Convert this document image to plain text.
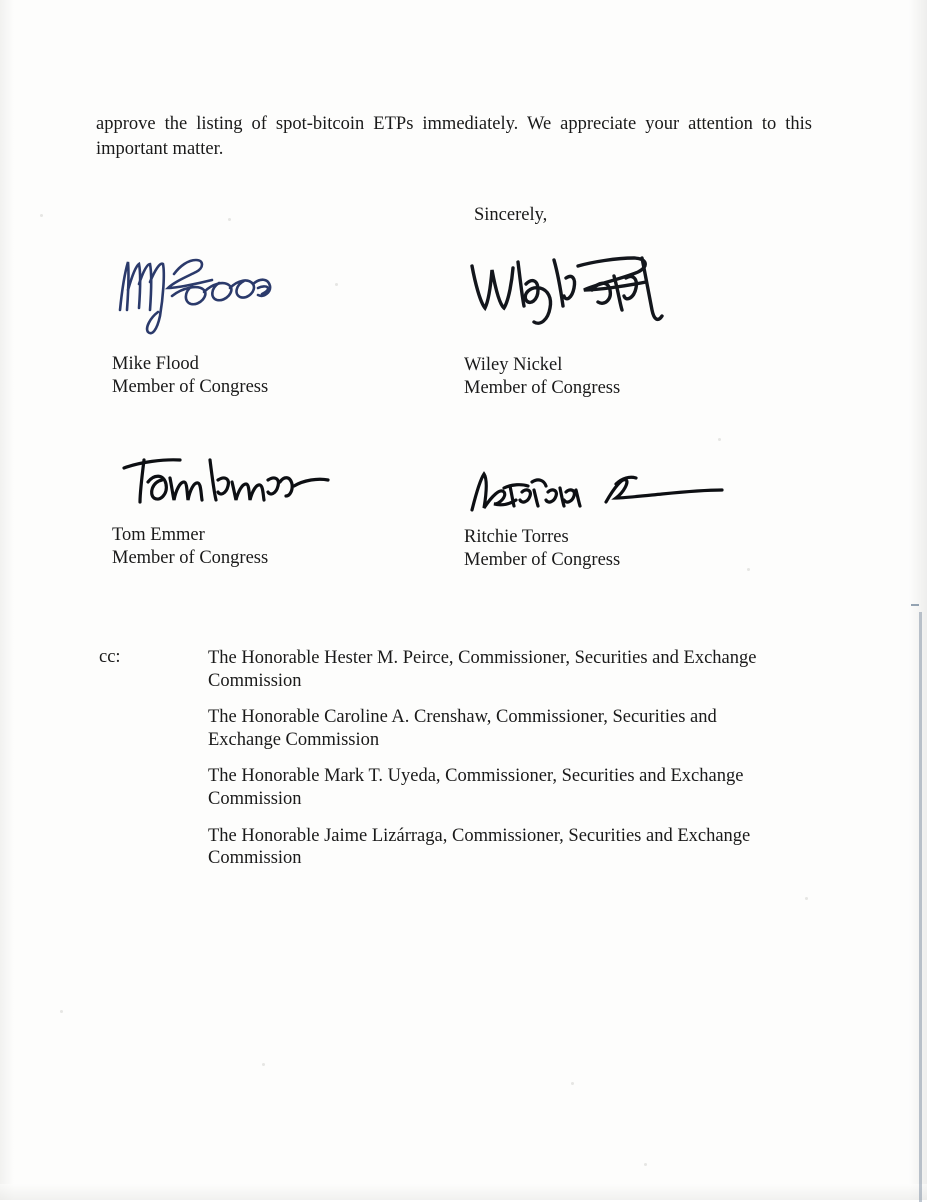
approve the listing of spot-bitcoin ETPs immediately. We appreciate your attention to this important matter.

Sincerely,
Mike Flood
Member of Congress
Wiley Nickel
Member of Congress
Tom Emmer
Member of Congress
Ritchie Torres
Member of Congress
cc:	The Honorable Hester M. Peirce, Commissioner, Securities and Exchange Commission
The Honorable Caroline A. Crenshaw, Commissioner, Securities and Exchange Commission
The Honorable Mark T. Uyeda, Commissioner, Securities and Exchange Commission
The Honorable Jaime Lizárraga, Commissioner, Securities and Exchange Commission
